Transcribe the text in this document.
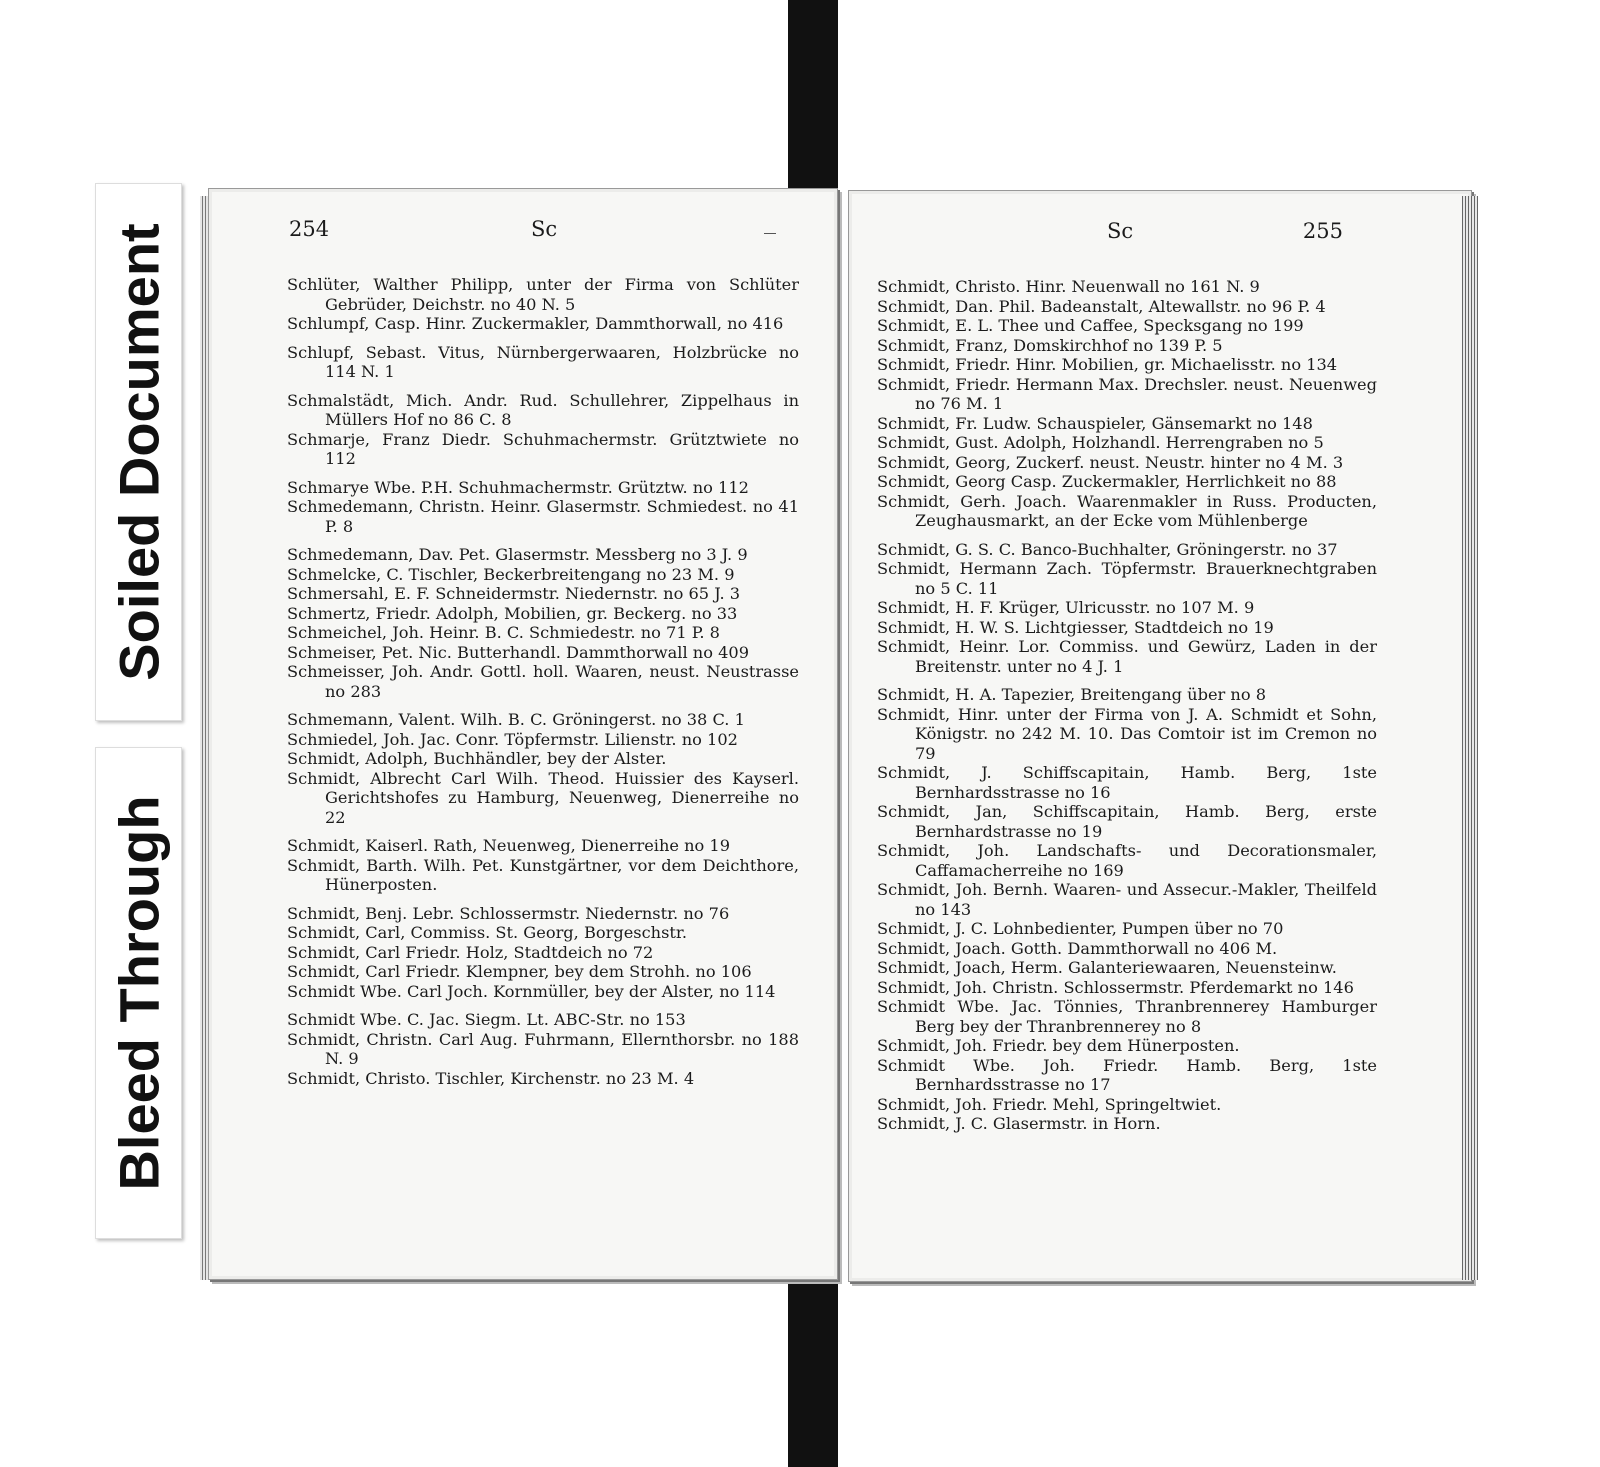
Soiled Document
Bleed Through
254	Sc
Schlüter, Walther Philipp, unter der Firma von Schlüter Gebrüder, Deichstr. no 40 N. 5
Schlumpf, Casp. Hinr. Zuckermakler, Dammthorwall, no 416
Schlupf, Sebast. Vitus, Nürnbergerwaaren, Holzbrücke no 114 N. 1
Schmalstädt, Mich. Andr. Rud. Schullehrer, Zippelhaus in Müllers Hof no 86 C. 8
Schmarje, Franz Diedr. Schuhmachermstr. Grütztwiete no 112
Schmarye Wbe. P.H. Schuhmachermstr. Grütztw. no 112
Schmedemann, Christn. Heinr. Glasermstr. Schmiedest. no 41 P. 8
Schmedemann, Dav. Pet. Glasermstr. Messberg no 3 J. 9
Schmelcke, C. Tischler, Beckerbreitengang no 23 M. 9
Schmersahl, E. F. Schneidermstr. Niedernstr. no 65 J. 3
Schmertz, Friedr. Adolph, Mobilien, gr. Beckerg. no 33
Schmeichel, Joh. Heinr. B. C. Schmiedestr. no 71 P. 8
Schmeiser, Pet. Nic. Butterhandl. Dammthorwall no 409
Schmeisser, Joh. Andr. Gottl. holl. Waaren, neust. Neustrasse no 283
Schmemann, Valent. Wilh. B. C. Gröningerst. no 38 C. 1
Schmiedel, Joh. Jac. Conr. Töpfermstr. Lilienstr. no 102
Schmidt, Adolph, Buchhändler, bey der Alster.
Schmidt, Albrecht Carl Wilh. Theod. Huissier des Kayserl. Gerichtshofes zu Hamburg, Neuenweg, Dienerreihe no 22
Schmidt, Kaiserl. Rath, Neuenweg, Dienerreihe no 19
Schmidt, Barth. Wilh. Pet. Kunstgärtner, vor dem Deichthore, Hünerposten.
Schmidt, Benj. Lebr. Schlossermstr. Niedernstr. no 76
Schmidt, Carl, Commiss. St. Georg, Borgeschstr.
Schmidt, Carl Friedr. Holz, Stadtdeich no 72
Schmidt, Carl Friedr. Klempner, bey dem Strohh. no 106
Schmidt Wbe. Carl Joch. Kornmüller, bey der Alster, no 114
Schmidt Wbe. C. Jac. Siegm. Lt. ABC-Str. no 153
Schmidt, Christn. Carl Aug. Fuhrmann, Ellernthorsbr. no 188 N. 9
Schmidt, Christo. Tischler, Kirchenstr. no 23 M. 4
Sc	255
Schmidt, Christo. Hinr. Neuenwall no 161 N. 9
Schmidt, Dan. Phil. Badeanstalt, Altewallstr. no 96 P. 4
Schmidt, E. L. Thee und Caffee, Specksgang no 199
Schmidt, Franz, Domskirchhof no 139 P. 5
Schmidt, Friedr. Hinr. Mobilien, gr. Michaelisstr. no 134
Schmidt, Friedr. Hermann Max. Drechsler. neust. Neuenweg no 76 M. 1
Schmidt, Fr. Ludw. Schauspieler, Gänsemarkt no 148
Schmidt, Gust. Adolph, Holzhandl. Herrengraben no 5
Schmidt, Georg, Zuckerf. neust. Neustr. hinter no 4 M. 3
Schmidt, Georg Casp. Zuckermakler, Herrlichkeit no 88
Schmidt, Gerh. Joach. Waarenmakler in Russ. Producten, Zeughausmarkt, an der Ecke vom Mühlenberge
Schmidt, G. S. C. Banco-Buchhalter, Gröningerstr. no 37
Schmidt, Hermann Zach. Töpfermstr. Brauerknechtgraben no 5 C. 11
Schmidt, H. F. Krüger, Ulricusstr. no 107 M. 9
Schmidt, H. W. S. Lichtgiesser, Stadtdeich no 19
Schmidt, Heinr. Lor. Commiss. und Gewürz, Laden in der Breitenstr. unter no 4 J. 1
Schmidt, H. A. Tapezier, Breitengang über no 8
Schmidt, Hinr. unter der Firma von J. A. Schmidt et Sohn, Königstr. no 242 M. 10. Das Comtoir ist im Cremon no 79
Schmidt, J. Schiffscapitain, Hamb. Berg, 1ste Bernhardsstrasse no 16
Schmidt, Jan, Schiffscapitain, Hamb. Berg, erste Bernhardstrasse no 19
Schmidt, Joh. Landschafts- und Decorationsmaler, Caffamacherreihe no 169
Schmidt, Joh. Bernh. Waaren- und Assecur.-Makler, Theilfeld no 143
Schmidt, J. C. Lohnbedienter, Pumpen über no 70
Schmidt, Joach. Gotth. Dammthorwall no 406 M.
Schmidt, Joach, Herm. Galanteriewaaren, Neuensteinw.
Schmidt, Joh. Christn. Schlossermstr. Pferdemarkt no 146
Schmidt Wbe. Jac. Tönnies, Thranbrennerey Hamburger Berg bey der Thranbrennerey no 8
Schmidt, Joh. Friedr. bey dem Hünerposten.
Schmidt Wbe. Joh. Friedr. Hamb. Berg, 1ste Bernhardsstrasse no 17
Schmidt, Joh. Friedr. Mehl, Springeltwiet.
Schmidt, J. C. Glasermstr. in Horn.
